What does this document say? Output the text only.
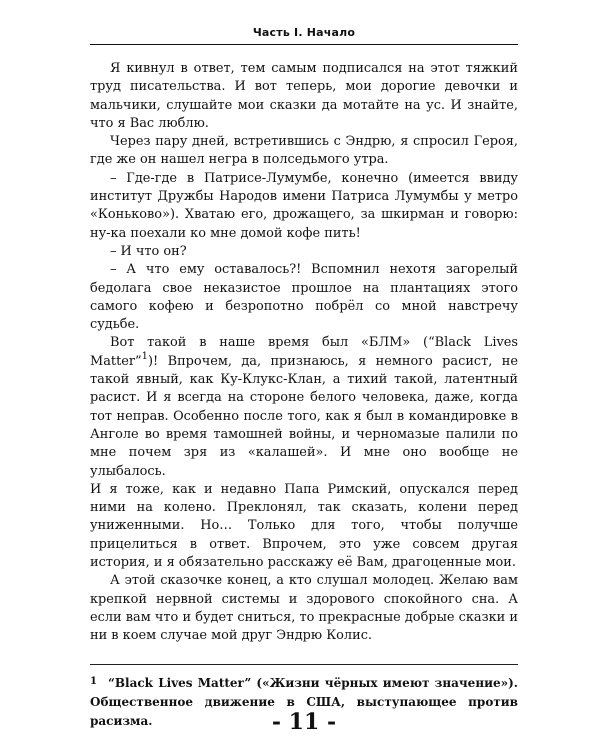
Часть I. Начало

Я кивнул в ответ, тем самым подписался на этот тяжкий труд писательства. И вот теперь, мои дорогие девочки и мальчики, слушайте мои сказки да мотайте на ус. И знайте, что я Вас люблю.

Через пару дней, встретившись с Эндрю, я спросил Героя, где же он нашел негра в полседьмого утра.

– Где-где в Патрисе-Лумумбе, конечно (имеется ввиду институт Дружбы Народов имени Патриса Лумумбы у метро «Коньково»). Хватаю его, дрожащего, за шкирман и говорю: ну-ка поехали ко мне домой кофе пить!

– И что он?

– А что ему оставалось?! Вспомнил нехотя загорелый бедолага свое неказистое прошлое на плантациях этого самого кофею и безропотно побрёл со мной навстречу судьбе.

Вот такой в наше время был «БЛМ» (“Black Lives Matter”$^1$)! Впрочем, да, признаюсь, я немного расист, не такой явный, как Ку-Клукс-Клан, а тихий такой, латентный расист. И я всегда на стороне белого человека, даже, когда тот неправ. Особенно после того, как я был в командировке в Анголе во время тамошней войны, и черномазые палили по мне почем зря из «калашей». И мне оно вообще не улыбалось.

И я тоже, как и недавно Папа Римский, опускался перед ними на колено. Преклонял, так сказать, колени перед униженными. Но… Только для того, чтобы получше прицелиться в ответ. Впрочем, это уже совсем другая история, и я обязательно расскажу её Вам, драгоценные мои.

А этой сказочке конец, а кто слушал молодец. Желаю вам крепкой нервной системы и здорового спокойного сна. А если вам что и будет сниться, то прекрасные добрые сказки и ни в коем случае мой друг Эндрю Колис.

1 “Black Lives Matter” («Жизни чёрных имеют значение»). Общественное движение в США, выступающее против расизма.	- 11 -
